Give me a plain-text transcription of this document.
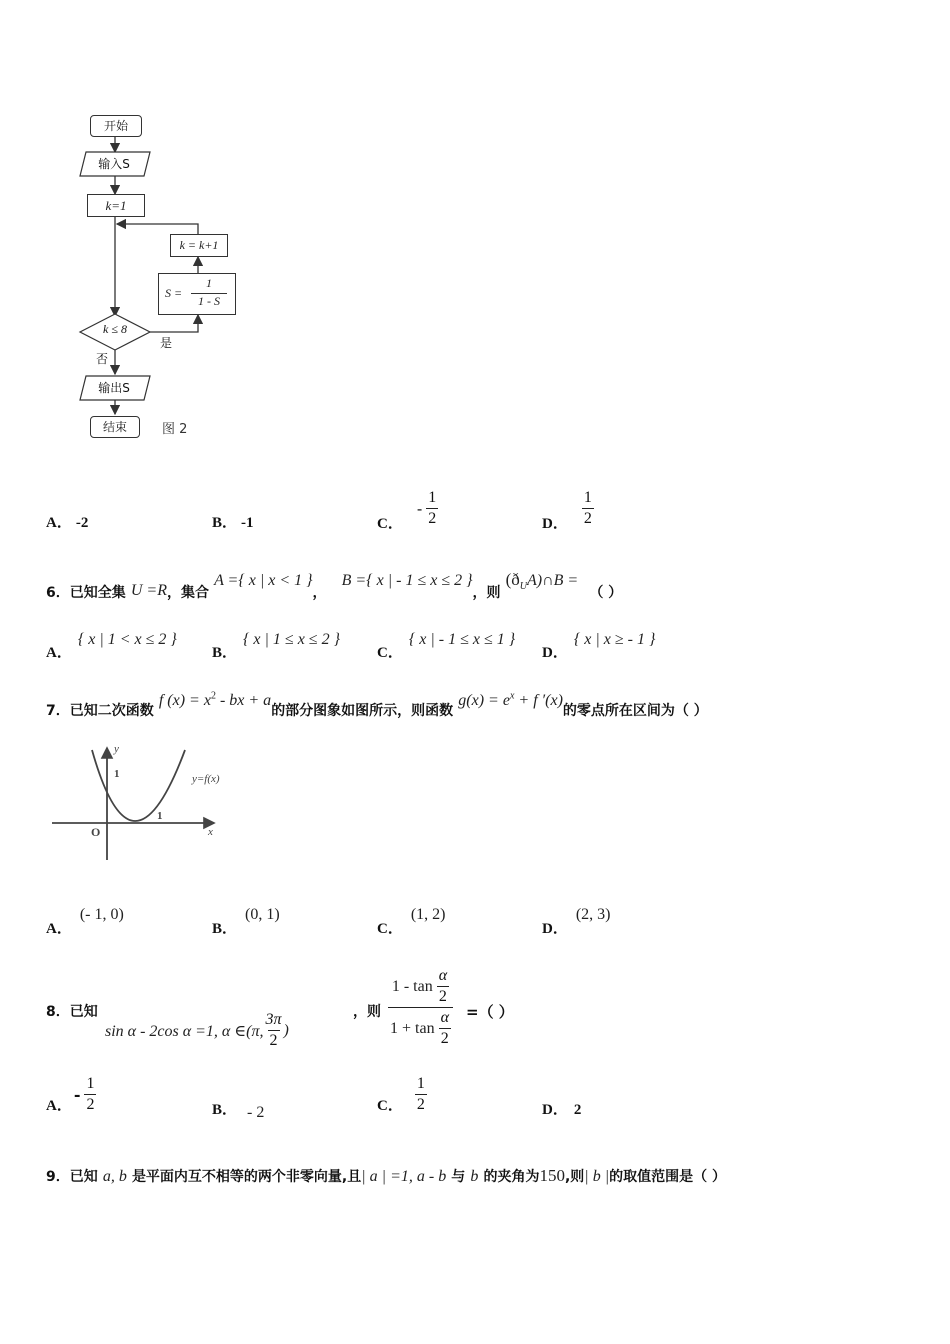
开始
输入S
k=1
k = k+1
S =
1
1 - S
k ≤ 8
是
否
输出S
结束	图 2
A． -2	B． -1	C．
- $\frac{1}{2}$	D． $\frac{1}{2}$
6．已知全集 U =R，集合 A ={ x | x < 1 }， B ={ x | - 1 ≤ x ≤ 2 }，则 $(ð_UA)\cap B$ = （ ）
A．{ x | 1 < x ≤ 2 }
B．{ x | 1 ≤ x ≤ 2 }
C．{ x | - 1 ≤ x ≤ 1 }
D．{ x | x ≥ - 1 }
7．已知二次函数 f $(x) = x^2$ - bx + a的部分图象如图所示，则函数 $g(x) = e^x + f$ ′(x)的零点所在区间为（ ）
y
x
O
1
1
y=f(x)
A．(- 1, 0)
B．(0, 1)
C．(1, 2)
D．(2, 3)
8．已知
sin α - 2cos α =1, α ∈(π, $\frac{3\pi}{2}$ )
，则 $\frac{1 - \tan \frac{\alpha}{2}}{1 + \tan \frac{\alpha}{2}}$ =（ ）
A．
- $\frac{1}{2}$	B． - 2	C． $\frac{1}{2}$	D． 2
9．已知 a, b 是平面内互不相等的两个非零向量,且| a | =1, a - b 与 b 的夹角为150,则| b |的取值范围是（ ）
